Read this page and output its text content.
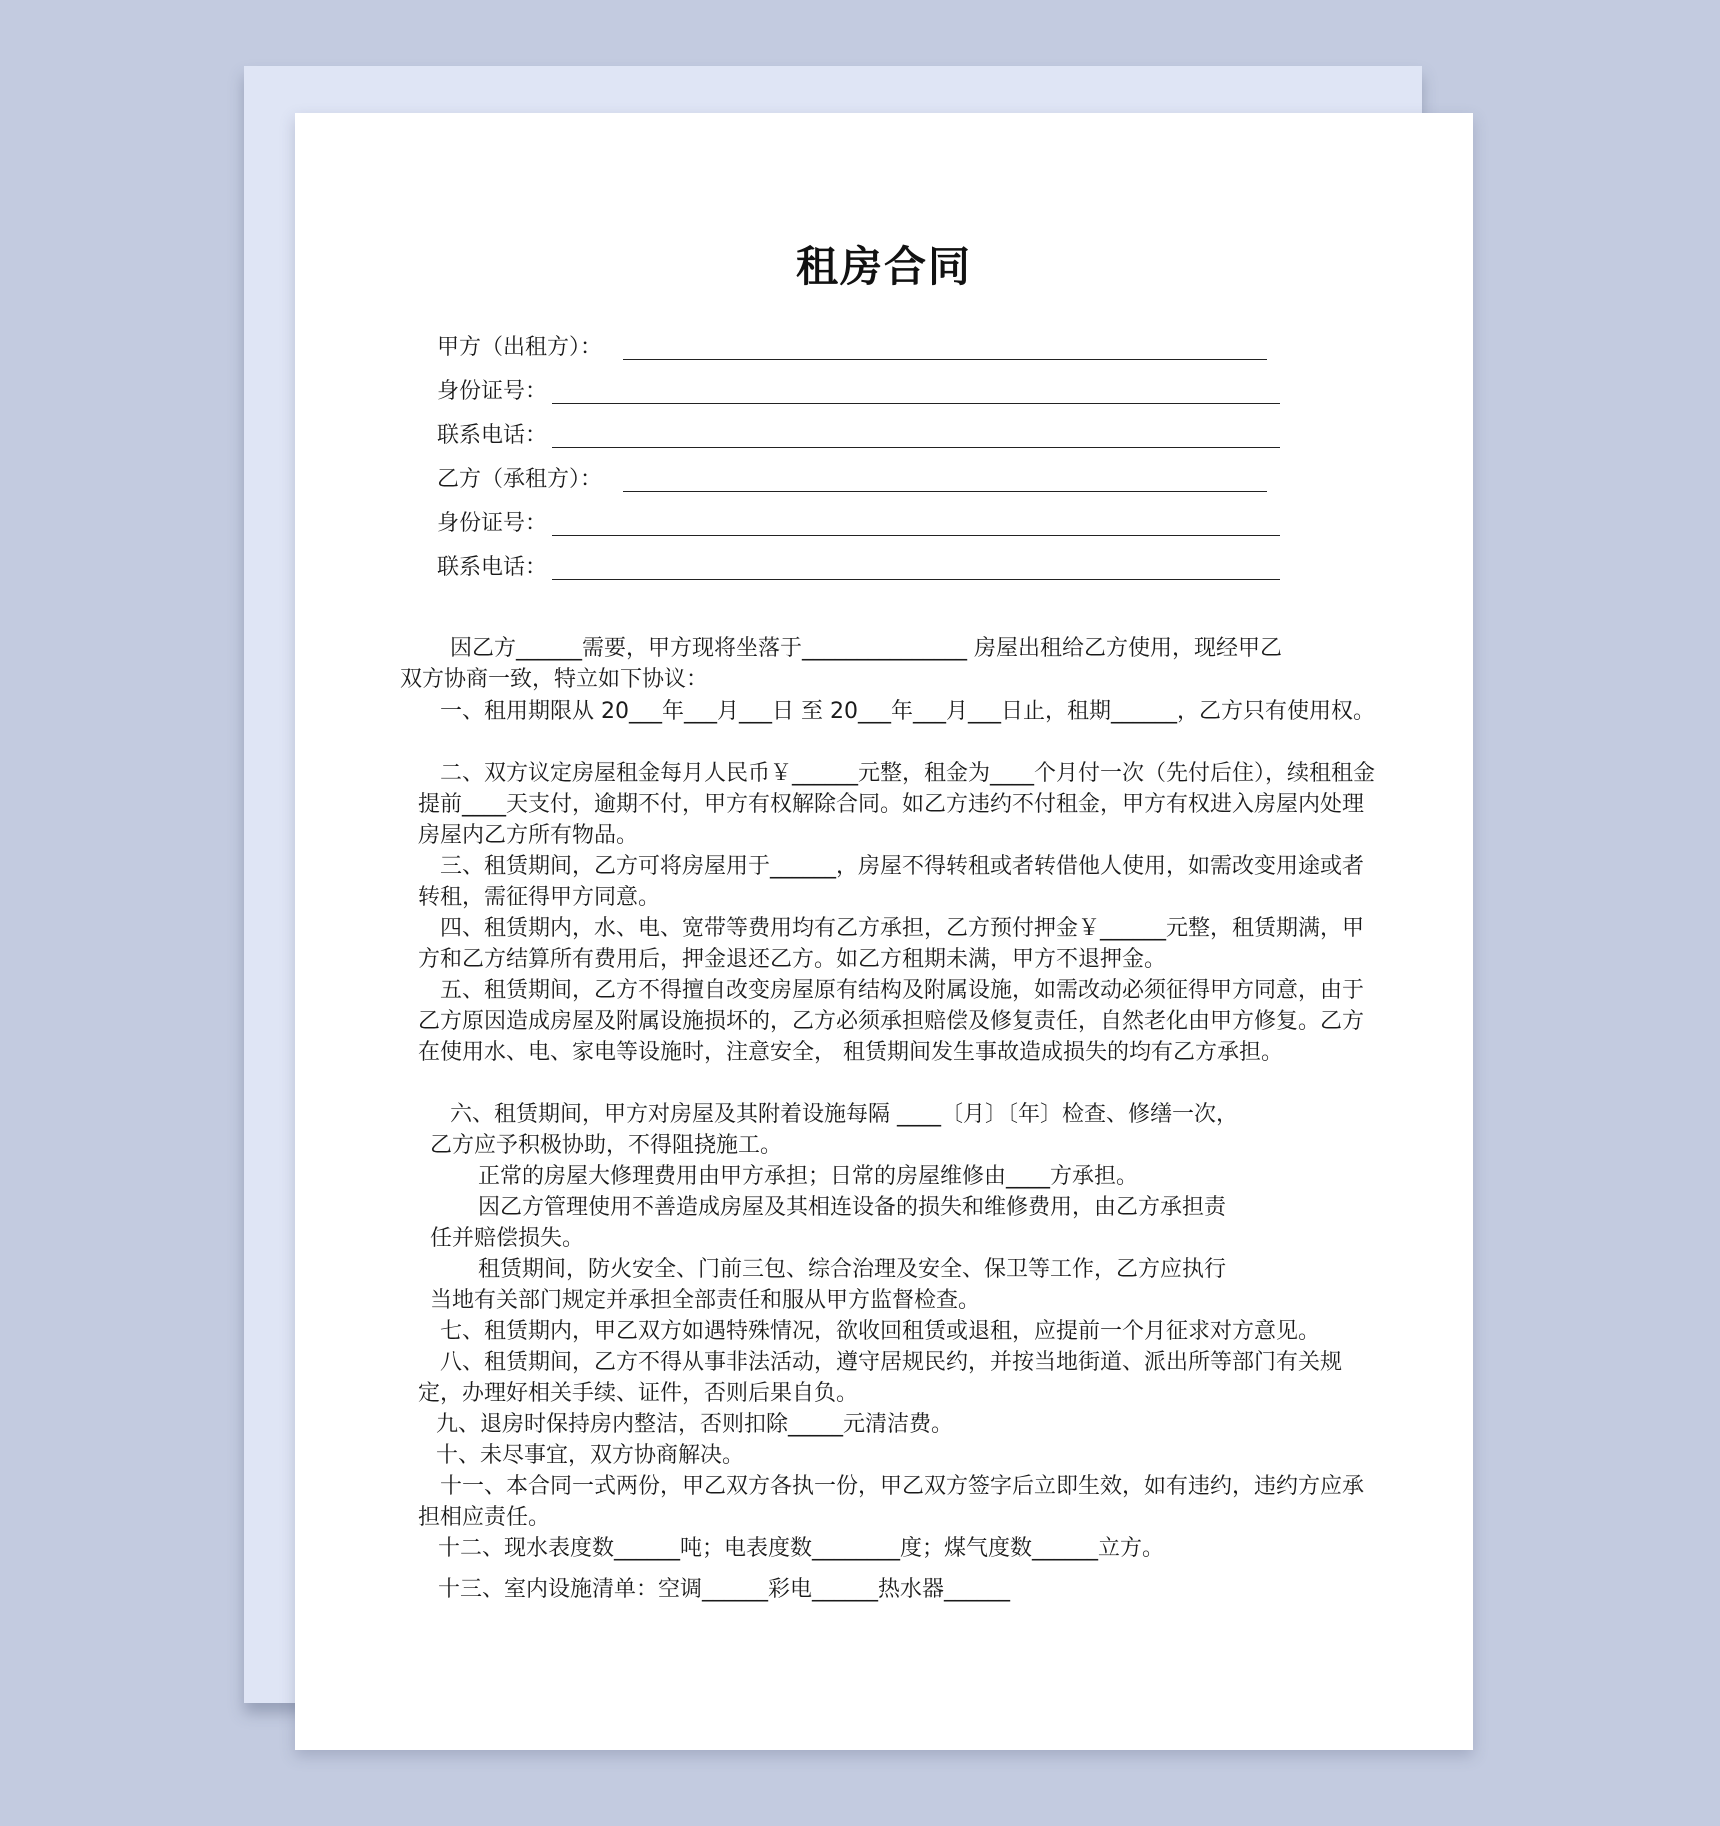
租房合同
甲方（出租方）：
身份证号：
联系电话：
乙方（承租方）：
身份证号：
联系电话：
因乙方______需要，甲方现将坐落于_______________ 房屋出租给乙方使用，现经甲乙
双方协商一致，特立如下协议：
一、租用期限从 20___年___月___日 至 20___年___月___日止，租期______，乙方只有使用权。
二、双方议定房屋租金每月人民币￥______元整，租金为____个月付一次（先付后住），续租租金提前____天支付，逾期不付，甲方有权解除合同。如乙方违约不付租金，甲方有权进入房屋内处理房屋内乙方所有物品。
三、租赁期间，乙方可将房屋用于______，房屋不得转租或者转借他人使用，如需改变用途或者转租，需征得甲方同意。
四、租赁期内，水、电、宽带等费用均有乙方承担，乙方预付押金￥______元整，租赁期满，甲方和乙方结算所有费用后，押金退还乙方。如乙方租期未满，甲方不退押金。
五、租赁期间，乙方不得擅自改变房屋原有结构及附属设施，如需改动必须征得甲方同意，由于乙方原因造成房屋及附属设施损坏的，乙方必须承担赔偿及修复责任，自然老化由甲方修复。乙方在使用水、电、家电等设施时，注意安全， 租赁期间发生事故造成损失的均有乙方承担。
六、租赁期间，甲方对房屋及其附着设施每隔 ____〔月〕〔年〕检查、修缮一次，
乙方应予积极协助，不得阻挠施工。
正常的房屋大修理费用由甲方承担；日常的房屋维修由____方承担。
因乙方管理使用不善造成房屋及其相连设备的损失和维修费用，由乙方承担责
任并赔偿损失。
租赁期间，防火安全、门前三包、综合治理及安全、保卫等工作，乙方应执行
当地有关部门规定并承担全部责任和服从甲方监督检查。
七、租赁期内，甲乙双方如遇特殊情况，欲收回租赁或退租，应提前一个月征求对方意见。
八、租赁期间，乙方不得从事非法活动，遵守居规民约，并按当地街道、派出所等部门有关规定，办理好相关手续、证件，否则后果自负。
九、退房时保持房内整洁，否则扣除_____元清洁费。
十、未尽事宜，双方协商解决。
十一、本合同一式两份，甲乙双方各执一份，甲乙双方签字后立即生效，如有违约，违约方应承担相应责任。
十二、现水表度数______吨；电表度数________度；煤气度数______立方。
十三、室内设施清单：空调______彩电______热水器______
